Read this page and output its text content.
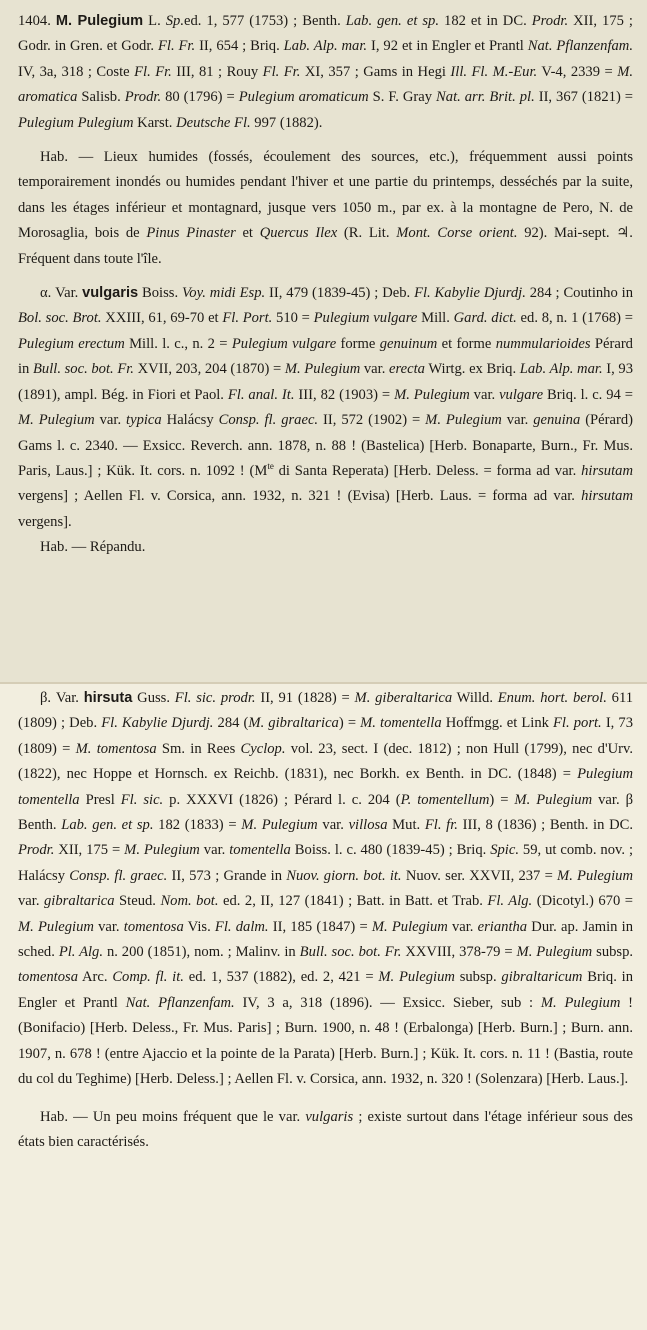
1404. M. Pulegium L. Sp.ed. 1, 577 (1753) ; Benth. Lab. gen. et sp. 182 et in DC. Prodr. XII, 175 ; Godr. in Gren. et Godr. Fl. Fr. II, 654 ; Briq. Lab. Alp. mar. I, 92 et in Engler et Prantl Nat. Pflanzenfam. IV, 3a, 318 ; Coste Fl. Fr. III, 81 ; Rouy Fl. Fr. XI, 357 ; Gams in Hegi Ill. Fl. M.-Eur. V-4, 2339 = M. aromatica Salisb. Prodr. 80 (1796) = Pulegium aromaticum S. F. Gray Nat. arr. Brit. pl. II, 367 (1821) = Pulegium Pulegium Karst. Deutsche Fl. 997 (1882).

Hab. — Lieux humides (fossés, écoulement des sources, etc.), fréquemment aussi points temporairement inondés ou humides pendant l'hiver et une partie du printemps, desséchés par la suite, dans les étages inférieur et montagnard, jusque vers 1050 m., par ex. à la montagne de Pero, N. de Morosaglia, bois de Pinus Pinaster et Quercus Ilex (R. Lit. Mont. Corse orient. 92). Mai-sept. ♃. Fréquent dans toute l'île.

α. Var. vulgaris Boiss. Voy. midi Esp. II, 479 (1839-45) ; Deb. Fl. Kabylie Djurdj. 284 ; Coutinho in Bol. soc. Brot. XXIII, 61, 69-70 et Fl. Port. 510 = Pulegium vulgare Mill. Gard. dict. ed. 8, n. 1 (1768) = Pulegium erectum Mill. l. c., n. 2 = Pulegium vulgare forme genuinum et forme nummularioides Pérard in Bull. soc. bot. Fr. XVII, 203, 204 (1870) = M. Pulegium var. erecta Wirtg. ex Briq. Lab. Alp. mar. I, 93 (1891), ampl. Bég. in Fiori et Paol. Fl. anal. It. III, 82 (1903) = M. Pulegium var. vulgare Briq. l. c. 94 = M. Pulegium var. typica Halácsy Consp. fl. graec. II, 572 (1902) = M. Pulegium var. genuina (Pérard) Gams l. c. 2340. — Exsicc. Reverch. ann. 1878, n. 88 ! (Bastelica) [Herb. Bonaparte, Burn., Fr. Mus. Paris, Laus.] ; Kük. It. cors. n. 1092 ! ($M^{te}$ di Santa Reperata) [Herb. Deless. = forma ad var. hirsutam vergens] ; Aellen Fl. v. Corsica, ann. 1932, n. 321 ! (Evisa) [Herb. Laus. = forma ad var. hirsutam vergens].

Hab. — Répandu.

β. Var. hirsuta Guss. Fl. sic. prodr. II, 91 (1828) = M. giberaltarica Willd. Enum. hort. berol. 611 (1809) ; Deb. Fl. Kabylie Djurdj. 284 (M. gibraltarica) = M. tomentella Hoffmgg. et Link Fl. port. I, 73 (1809) = M. tomentosa Sm. in Rees Cyclop. vol. 23, sect. I (dec. 1812) ; non Hull (1799), nec d'Urv. (1822), nec Hoppe et Hornsch. ex Reichb. (1831), nec Borkh. ex Benth. in DC. (1848) = Pulegium tomentella Presl Fl. sic. p. XXXVI (1826) ; Pérard l. c. 204 (P. tomentellum) = M. Pulegium var. β Benth. Lab. gen. et sp. 182 (1833) = M. Pulegium var. villosa Mut. Fl. fr. III, 8 (1836) ; Benth. in DC. Prodr. XII, 175 = M. Pulegium var. tomentella Boiss. l. c. 480 (1839-45) ; Briq. Spic. 59, ut comb. nov. ; Halácsy Consp. fl. graec. II, 573 ; Grande in Nuov. giorn. bot. it. Nuov. ser. XXVII, 237 = M. Pulegium var. gibraltarica Steud. Nom. bot. ed. 2, II, 127 (1841) ; Batt. in Batt. et Trab. Fl. Alg. (Dicotyl.) 670 = M. Pulegium var. tomentosa Vis. Fl. dalm. II, 185 (1847) = M. Pulegium var. eriantha Dur. ap. Jamin in sched. Pl. Alg. n. 200 (1851), nom. ; Malinv. in Bull. soc. bot. Fr. XXVIII, 378-79 = M. Pulegium subsp. tomentosa Arc. Comp. fl. it. ed. 1, 537 (1882), ed. 2, 421 = M. Pulegium subsp. gibraltaricum Briq. in Engler et Prantl Nat. Pflanzenfam. IV, 3 a, 318 (1896). — Exsicc. Sieber, sub : M. Pulegium ! (Bonifacio) [Herb. Deless., Fr. Mus. Paris] ; Burn. 1900, n. 48 ! (Erbalonga) [Herb. Burn.] ; Burn. ann. 1907, n. 678 ! (entre Ajaccio et la pointe de la Parata) [Herb. Burn.] ; Kük. It. cors. n. 11 ! (Bastia, route du col du Teghime) [Herb. Deless.] ; Aellen Fl. v. Corsica, ann. 1932, n. 320 ! (Solenzara) [Herb. Laus.].

Hab. — Un peu moins fréquent que le var. vulgaris ; existe surtout dans l'étage inférieur sous des états bien caractérisés.
